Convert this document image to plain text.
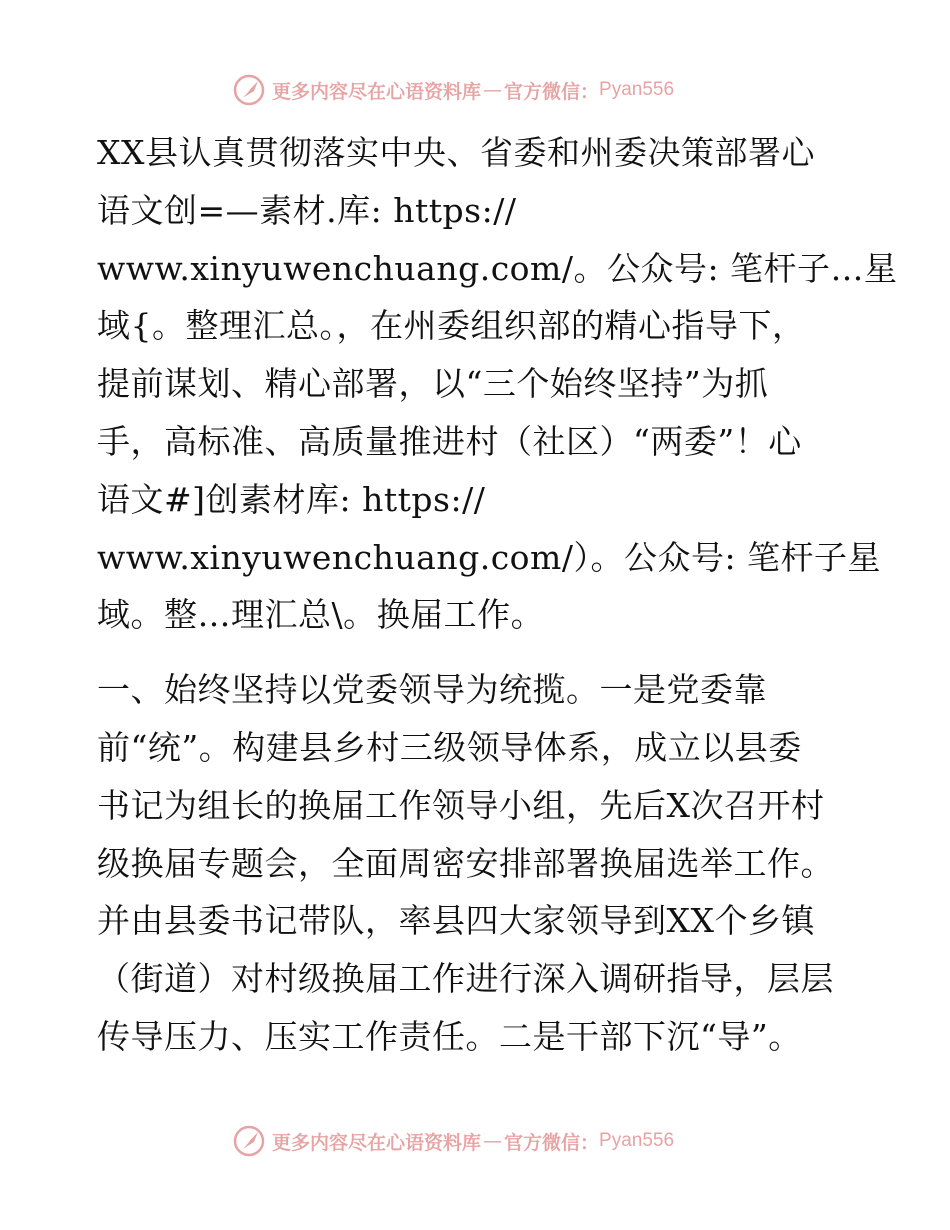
更多内容尽在心语资料库 — 官方微信： Pyan556
XX县认真贯彻落实中央、省委和州委决策部署心
语文创=—素材.库: https://
www.xinyuwenchuang.com/。公众号: 笔杆子…星
域{。整理汇总。，在州委组织部的精心指导下，
提前谋划、精心部署，以“三个始终坚持”为抓
手，高标准、高质量推进村（社区）“两委”！心
语文#]创素材库: https://
www.xinyuwenchuang.com/）。公众号: 笔杆子星
域。整…理汇总\。换届工作。
一、始终坚持以党委领导为统揽。一是党委靠
前“统”。构建县乡村三级领导体系，成立以县委
书记为组长的换届工作领导小组，先后X次召开村
级换届专题会，全面周密安排部署换届选举工作。
并由县委书记带队，率县四大家领导到XX个乡镇
（街道）对村级换届工作进行深入调研指导，层层
传导压力、压实工作责任。二是干部下沉“导”。
更多内容尽在心语资料库 — 官方微信： Pyan556
